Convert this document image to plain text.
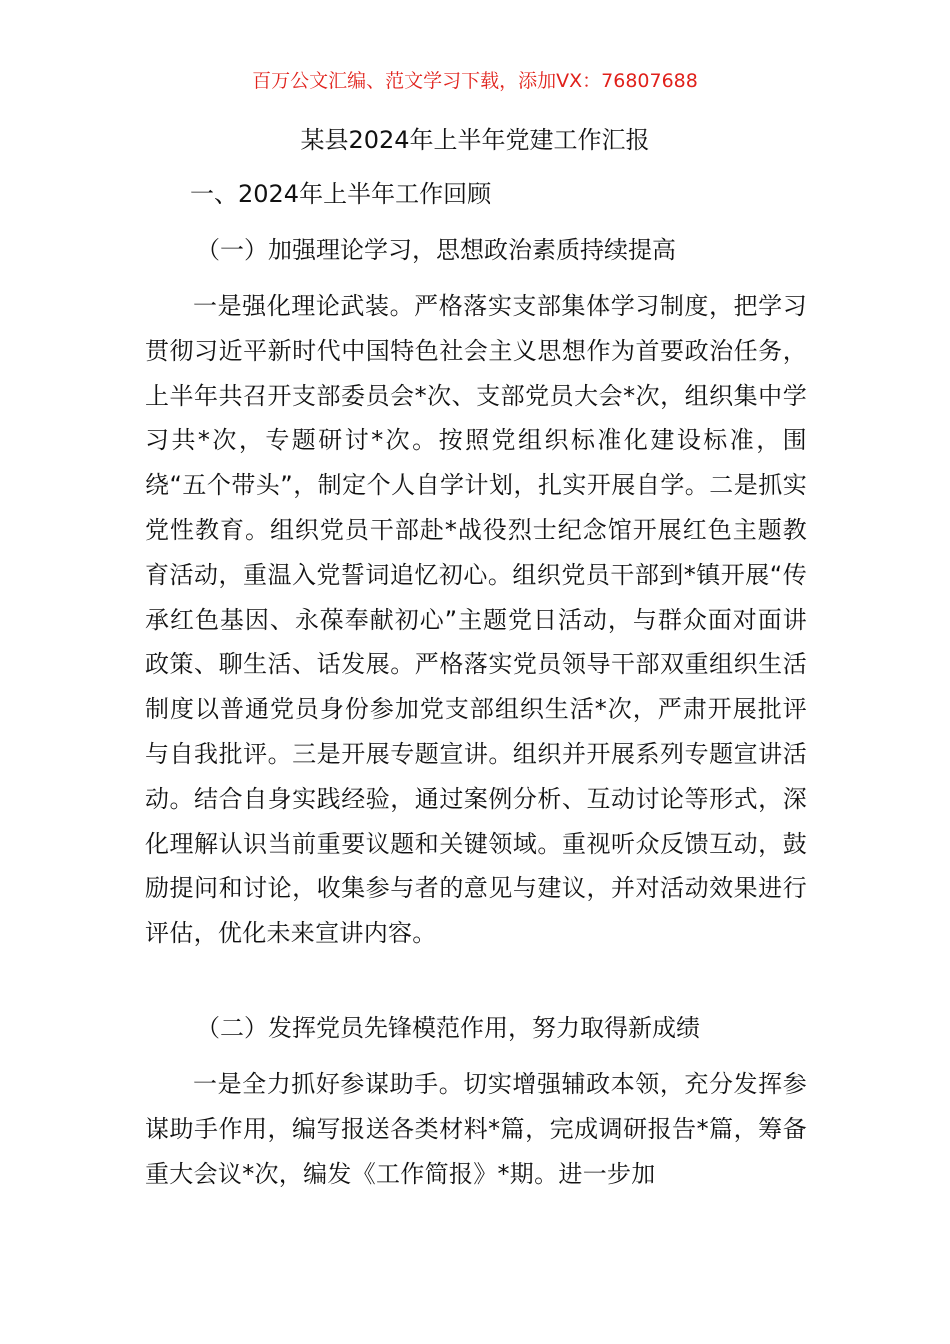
百万公文汇编、范文学习下载，添加VX：76807688
某县2024年上半年党建工作汇报
一、2024年上半年工作回顾
（一）加强理论学习，思想政治素质持续提高

一是强化理论武装。严格落实支部集体学习制度，把学习贯彻习近平新时代中国特色社会主义思想作为首要政治任务，上半年共召开支部委员会*次、支部党员大会*次，组织集中学习共*次，专题研讨*次。按照党组织标准化建设标准，围绕“五个带头”，制定个人自学计划，扎实开展自学。二是抓实党性教育。组织党员干部赴*战役烈士纪念馆开展红色主题教育活动，重温入党誓词追忆初心。组织党员干部到*镇开展“传承红色基因、永葆奉献初心”主题党日活动，与群众面对面讲政策、聊生活、话发展。严格落实党员领导干部双重组织生活制度以普通党员身份参加党支部组织生活*次，严肃开展批评与自我批评。三是开展专题宣讲。组织并开展系列专题宣讲活动。结合自身实践经验，通过案例分析、互动讨论等形式，深化理解认识当前重要议题和关键领域。重视听众反馈互动，鼓励提问和讨论，收集参与者的意见与建议，并对活动效果进行评估，优化未来宣讲内容。

（二）发挥党员先锋模范作用，努力取得新成绩

一是全力抓好参谋助手。切实增强辅政本领，充分发挥参谋助手作用，编写报送各类材料*篇，完成调研报告*篇，筹备重大会议*次，编发《工作简报》*期。进一步加
